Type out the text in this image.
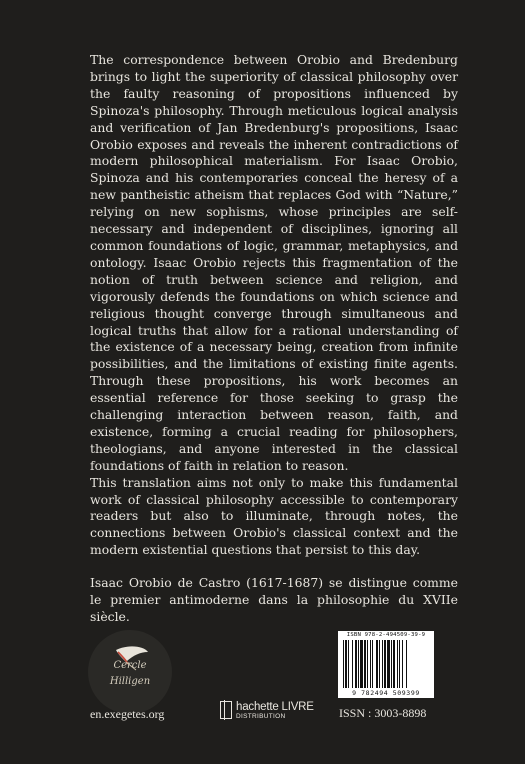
The correspondence between Orobio and Bredenburg brings to light the superiority of classical philosophy over the faulty reasoning of propositions influenced by Spinoza's philosophy. Through meticulous logical analysis and verification of Jan Bredenburg's propositions, Isaac Orobio exposes and reveals the inherent contradictions of modern philosophical materialism. For Isaac Orobio, Spinoza and his contemporaries conceal the heresy of a new pantheistic atheism that replaces God with “Nature,” relying on new sophisms, whose principles are self-necessary and independent of disciplines, ignoring all common foundations of logic, grammar, metaphysics, and ontology. Isaac Orobio rejects this fragmentation of the notion of truth between science and religion, and vigorously defends the foundations on which science and religious thought converge through simultaneous and logical truths that allow for a rational understanding of the existence of a necessary being, creation from infinite possibilities, and the limitations of existing finite agents. Through these propositions, his work becomes an essential reference for those seeking to grasp the challenging interaction between reason, faith, and existence, forming a crucial reading for philosophers, theologians, and anyone interested in the classical foundations of faith in relation to reason.

This translation aims not only to make this fundamental work of classical philosophy accessible to contemporary readers but also to illuminate, through notes, the connections between Orobio's classical context and the modern existential questions that persist to this day.

Isaac Orobio de Castro (1617-1687) se distingue comme le premier antimoderne dans la philosophie du XVIIe siècle.

Cercle
Hilligen
en.exegetes.org	hachette LIVRE
DISTRIBUTION
ISBN 978-2-494509-39-9
9 782494 509399
ISSN : 3003-8898
